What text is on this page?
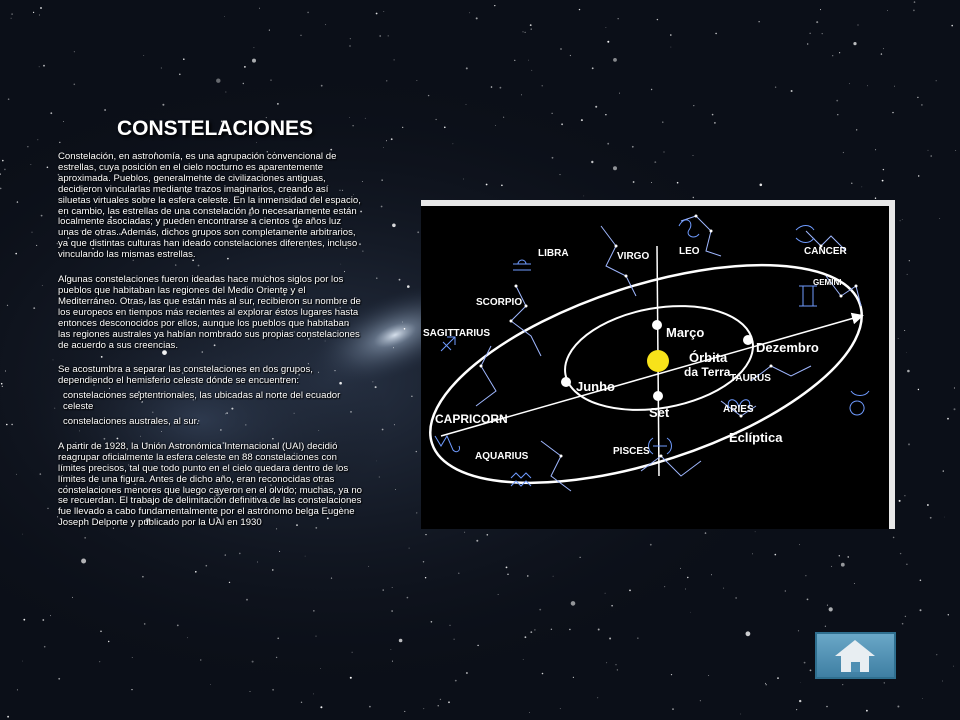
CONSTELACIONES

Constelación, en astronomía, es una agrupación convencional de estrellas, cuya posición en el cielo nocturno es aparentemente aproximada. Pueblos, generalmente de civilizaciones antiguas, decidieron vincularlas mediante trazos imaginarios, creando así siluetas virtuales sobre la esfera celeste. En la inmensidad del espacio, en cambio, las estrellas de una constelación no necesariamente están localmente asociadas; y pueden encontrarse a cientos de años luz unas de otras. Además, dichos grupos son completamente arbitrarios, ya que distintas culturas han ideado constelaciones diferentes, incluso vinculando las mismas estrellas.

Algunas constelaciones fueron ideadas hace muchos siglos por los pueblos que habitaban las regiones del Medio Oriente y el Mediterráneo. Otras, las que están más al sur, recibieron su nombre de los europeos en tiempos más recientes al explorar éstos lugares hasta entonces desconocidos por ellos, aunque los pueblos que habitaban las regiones australes ya habían nombrado sus propias constelaciones de acuerdo a sus creencias.

Se acostumbra a separar las constelaciones en dos grupos, dependiendo el hemisferio celeste dónde se encuentren:

constelaciones septentrionales, las ubicadas al norte del ecuador celeste

constelaciones australes, al sur.

A partir de 1928, la Unión Astronómica Internacional (UAI) decidió reagrupar oficialmente la esfera celeste en 88 constelaciones con límites precisos, tal que todo punto en el cielo quedara dentro de los límites de una figura. Antes de dicho año, eran reconocidas otras constelaciones menores que luego cayeron en el olvido; muchas, ya no se recuerdan. El trabajo de delimitación definitiva de las constelaciones fue llevado a cabo fundamentalmente por el astrónomo belga Eugène Joseph Delporte y publicado por la UAI en 1930

LIBRA	VIRGO	LEO	CANCER
GEMINI
SCORPIO
SAGITTARIUS
CAPRICORN
AQUARIUS	PISCES
ARIES
TAURUS
Março
Órbita
da Terra
Dezembro
Junho
Set
Eclíptica
